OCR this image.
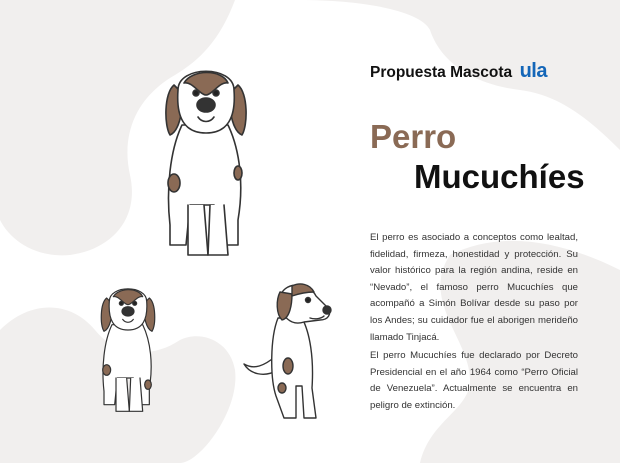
Propuesta Mascota ula
Perro
Mucuchíes

El perro es asociado a conceptos como lealtad, fidelidad, firmeza, honestidad y protección. Su valor histórico para la región andina, reside en “Nevado”, el famoso perro Mucuchíes que acompañó a Simón Bolívar desde su paso por los Andes; su cuidador fue el aborigen merideño llamado Tinjacá.

El perro Mucuchíes fue declarado por Decreto Presidencial en el año 1964 como “Perro Oficial de Venezuela”. Actualmente se encuentra en peligro de extinción.
